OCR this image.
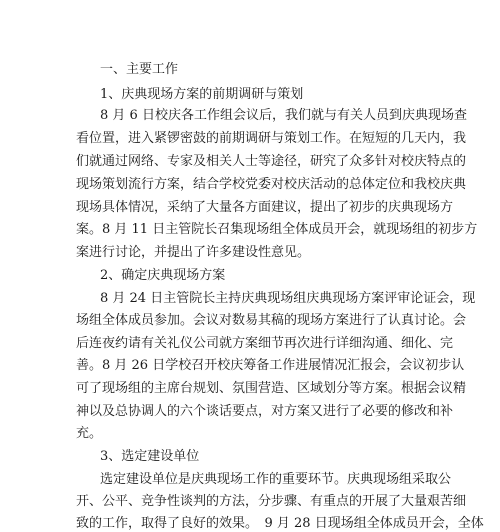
一、主要工作
1、庆典现场方案的前期调研与策划
8 月 6 日校庆各工作组会议后，我们就与有关人员到庆典现场查
看位置，进入紧锣密鼓的前期调研与策划工作。在短短的几天内，我
们就通过网络、专家及相关人士等途径，研究了众多针对校庆特点的
现场策划流行方案，结合学校党委对校庆活动的总体定位和我校庆典
现场具体情况，采纳了大量各方面建议，提出了初步的庆典现场方
案。8 月 11 日主管院长召集现场组全体成员开会，就现场组的初步方
案进行讨论，并提出了许多建设性意见。
2、确定庆典现场方案
8 月 24 日主管院长主持庆典现场组庆典现场方案评审论证会，现
场组全体成员参加。会议对数易其稿的现场方案进行了认真讨论。会
后连夜约请有关礼仪公司就方案细节再次进行详细沟通、细化、完
善。8 月 26 日学校召开校庆筹备工作进展情况汇报会，会议初步认
可了现场组的主席台规划、氛围营造、区域划分等方案。根据会议精
神以及总协调人的六个谈话要点，对方案又进行了必要的修改和补
充。
3、选定建设单位
选定建设单位是庆典现场工作的重要环节。庆典现场组采取公
开、公平、竞争性谈判的方法，分步骤、有重点的开展了大量艰苦细
致的工作，取得了良好的效果。　9 月 28 日现场组全体成员开会，全体
